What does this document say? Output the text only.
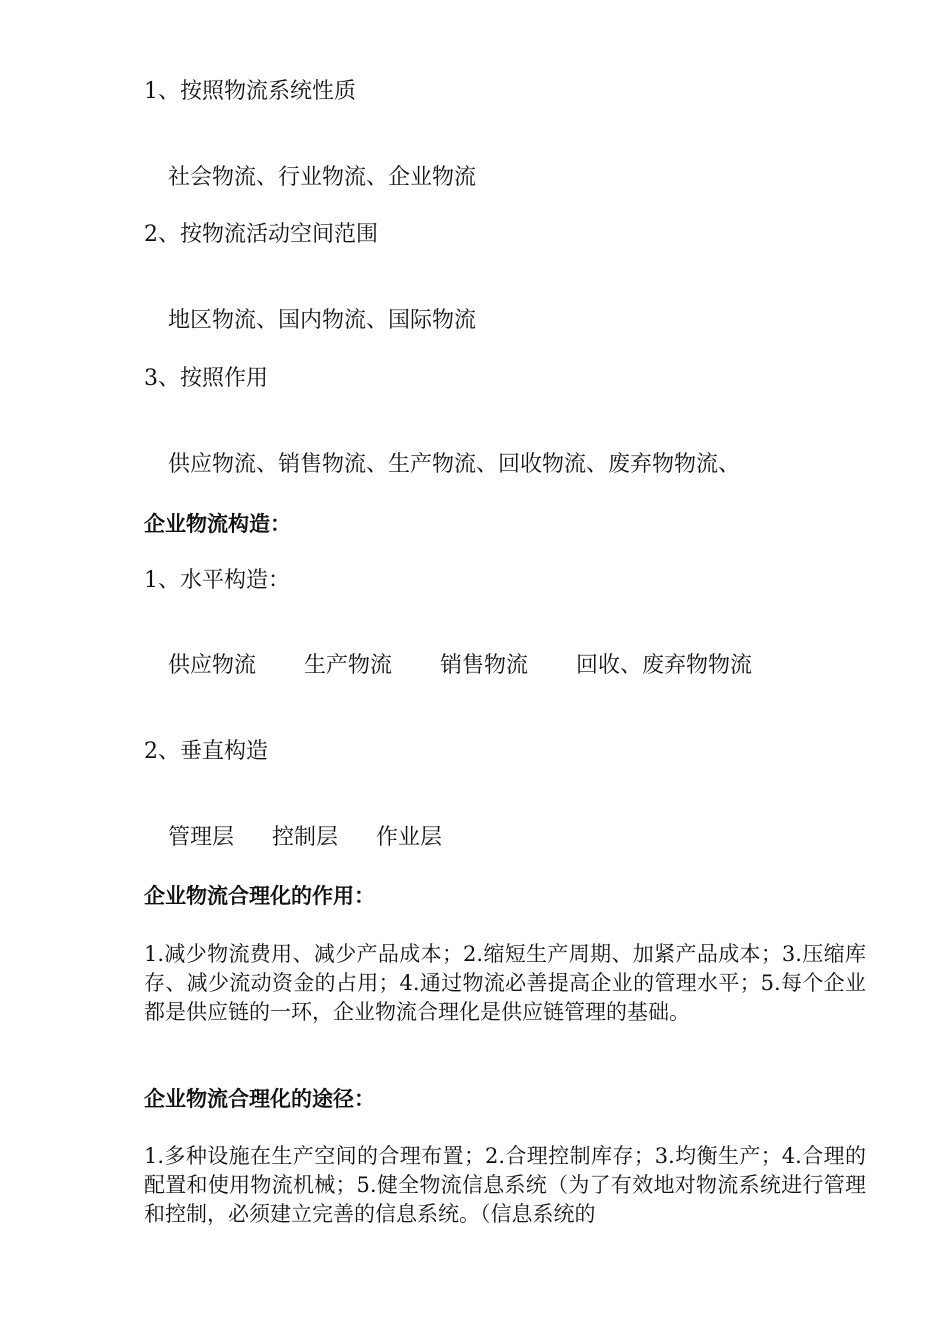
1、按照物流系统性质
社会物流、行业物流、企业物流
2、按物流活动空间范围
地区物流、国内物流、国际物流
3、按照作用
供应物流、销售物流、生产物流、回收物流、废弃物物流、
企业物流构造：
1、水平构造：
供应物流 生产物流 销售物流 回收、废弃物物流
2、垂直构造
管理层 控制层 作业层
企业物流合理化的作用：
1.减少物流费用、减少产品成本；2.缩短生产周期、加紧产品成本；3.压缩库存、减少流动资金的占用；4.通过物流必善提高企业的管理水平；5.每个企业都是供应链的一环，企业物流合理化是供应链管理的基础。
企业物流合理化的途径：
1.多种设施在生产空间的合理布置；2.合理控制库存；3.均衡生产；4.合理的配置和使用物流机械；5.健全物流信息系统（为了有效地对物流系统进行管理和控制，必须建立完善的信息系统。（信息系统的
